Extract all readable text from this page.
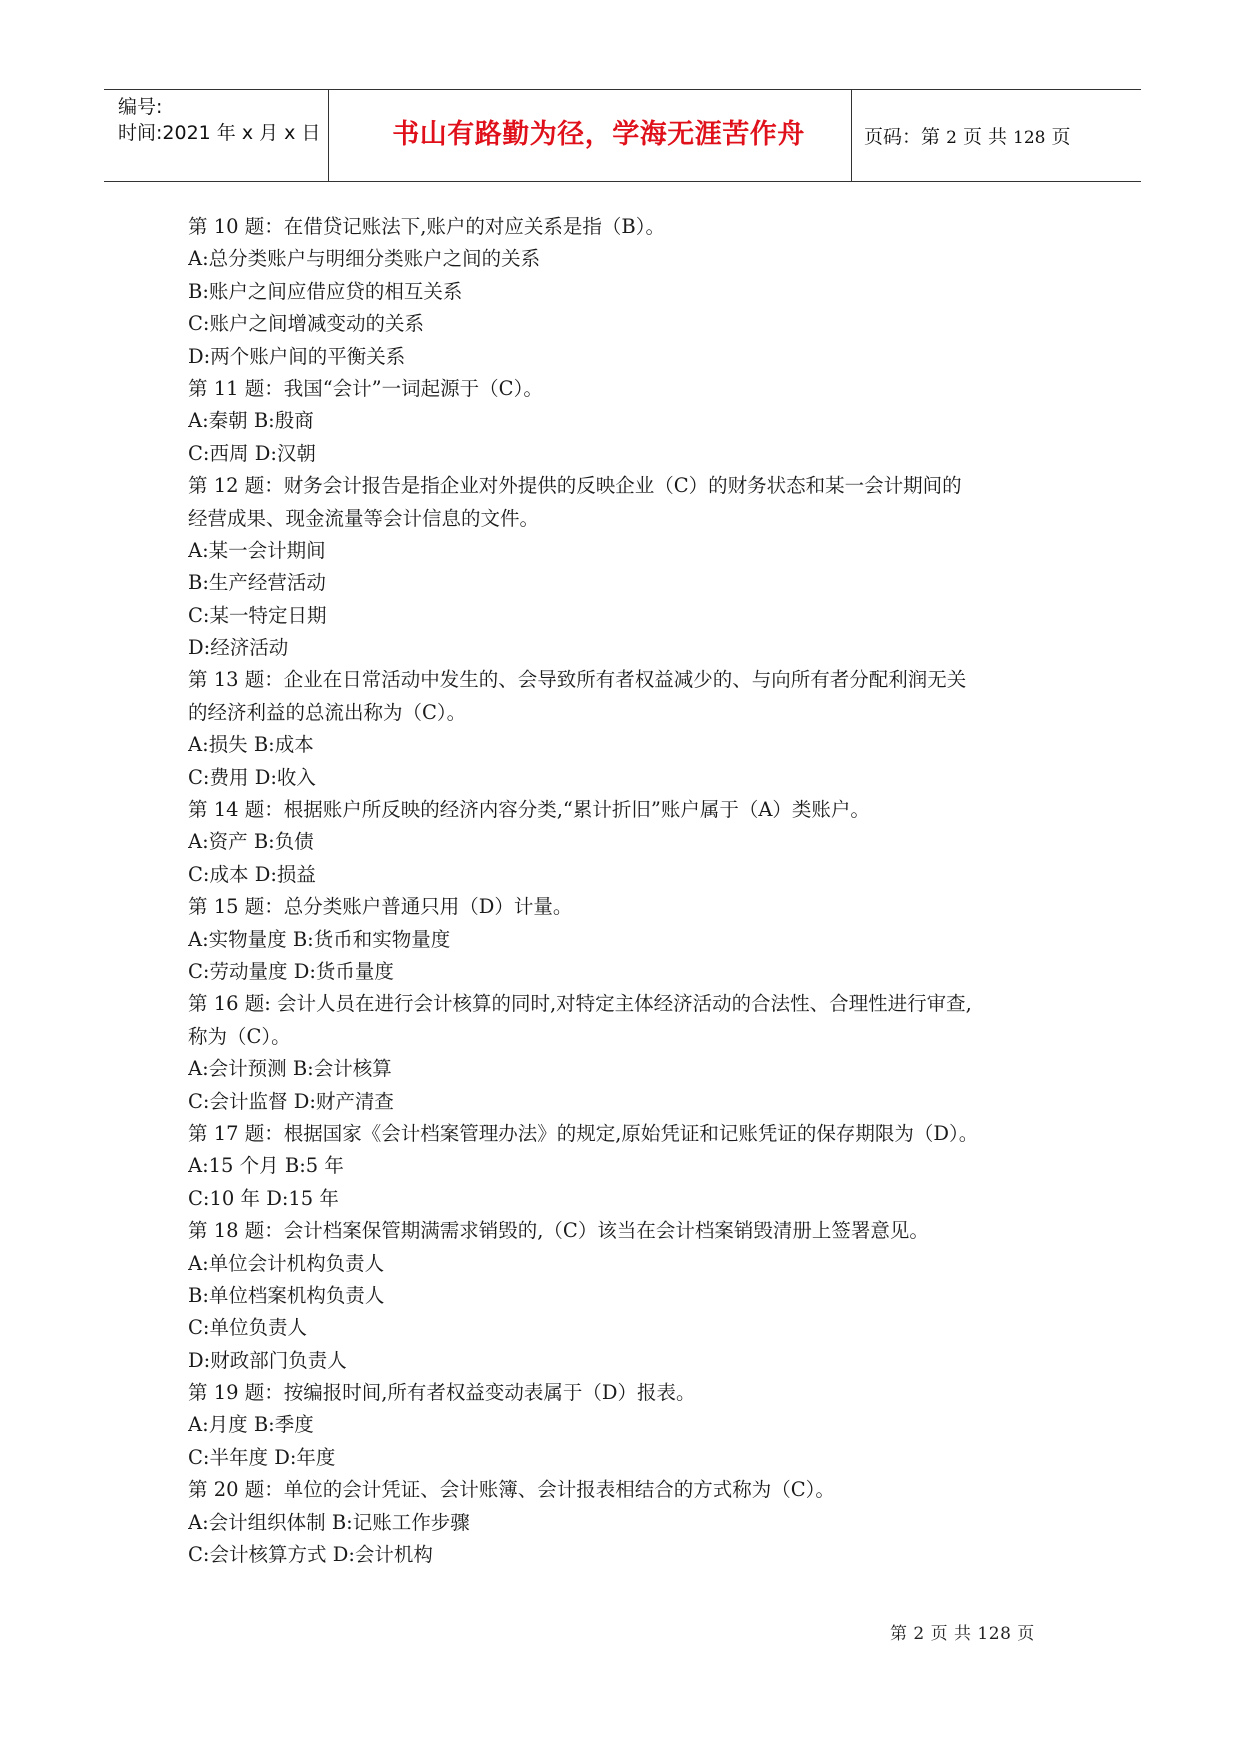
编号:
时间:2021 年 x 月 x 日	书山有路勤为径，学海无涯苦作舟	页码：第 2 页 共 128 页
第 10 题：在借贷记账法下,账户的对应关系是指（B）。
A:总分类账户与明细分类账户之间的关系
B:账户之间应借应贷的相互关系
C:账户之间增减变动的关系
D:两个账户间的平衡关系
第 11 题：我国“会计”一词起源于（C）。
A:秦朝 B:殷商
C:西周 D:汉朝
第 12 题：财务会计报告是指企业对外提供的反映企业（C）的财务状态和某一会计期间的
经营成果、现金流量等会计信息的文件。
A:某一会计期间
B:生产经营活动
C:某一特定日期
D:经济活动
第 13 题：企业在日常活动中发生的、会导致所有者权益减少的、与向所有者分配利润无关
的经济利益的总流出称为（C）。
A:损失 B:成本
C:费用 D:收入
第 14 题：根据账户所反映的经济内容分类,“累计折旧”账户属于（A）类账户。
A:资产 B:负债
C:成本 D:损益
第 15 题：总分类账户普通只用（D）计量。
A:实物量度 B:货币和实物量度
C:劳动量度 D:货币量度
第 16 题: 会计人员在进行会计核算的同时,对特定主体经济活动的合法性、合理性进行审查,
称为（C）。
A:会计预测 B:会计核算
C:会计监督 D:财产清查
第 17 题：根据国家《会计档案管理办法》的规定,原始凭证和记账凭证的保存期限为（D）。
A:15 个月 B:5 年
C:10 年 D:15 年
第 18 题：会计档案保管期满需求销毁的,（C）该当在会计档案销毁清册上签署意见。
A:单位会计机构负责人
B:单位档案机构负责人
C:单位负责人
D:财政部门负责人
第 19 题：按编报时间,所有者权益变动表属于（D）报表。
A:月度 B:季度
C:半年度 D:年度
第 20 题：单位的会计凭证、会计账簿、会计报表相结合的方式称为（C）。
A:会计组织体制 B:记账工作步骤
C:会计核算方式 D:会计机构
第 2 页 共 128 页
